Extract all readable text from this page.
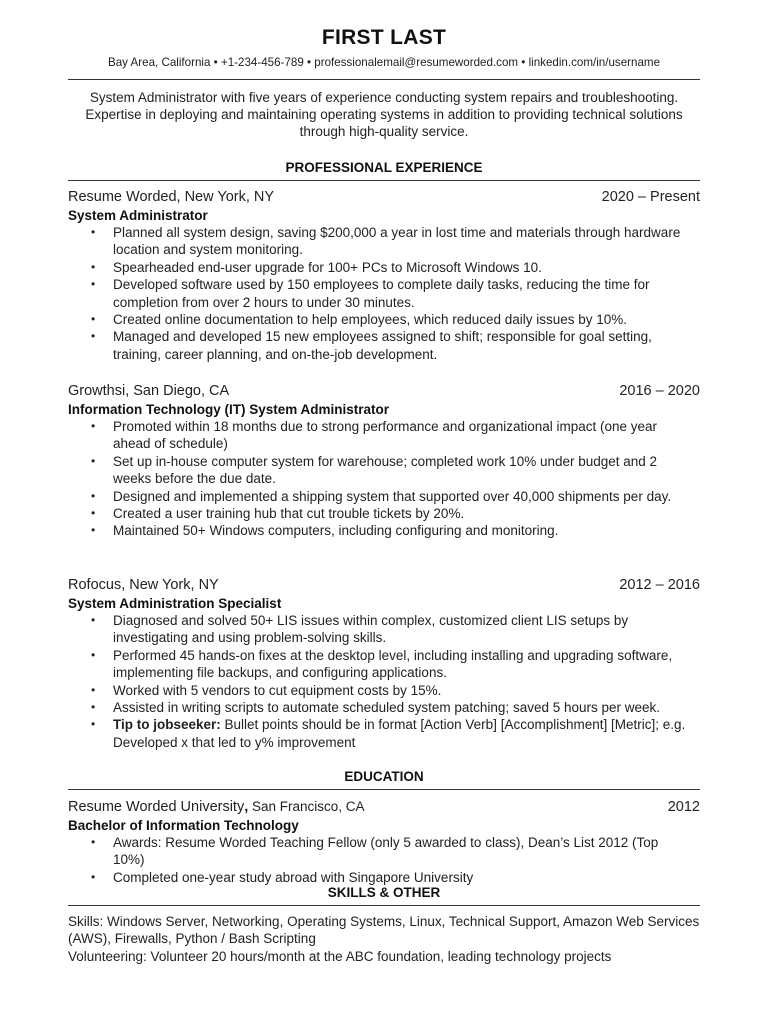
FIRST LAST
Bay Area, California • +1-234-456-789 • professionalemail@resumeworded.com • linkedin.com/in/username
System Administrator with five years of experience conducting system repairs and troubleshooting. Expertise in deploying and maintaining operating systems in addition to providing technical solutions through high-quality service.
PROFESSIONAL EXPERIENCE
Resume Worded, New York, NY	2020 – Present
System Administrator
• Planned all system design, saving $200,000 a year in lost time and materials through hardware location and system monitoring.
• Spearheaded end-user upgrade for 100+ PCs to Microsoft Windows 10.
• Developed software used by 150 employees to complete daily tasks, reducing the time for completion from over 2 hours to under 30 minutes.
• Created online documentation to help employees, which reduced daily issues by 10%.
• Managed and developed 15 new employees assigned to shift; responsible for goal setting, training, career planning, and on-the-job development.
Growthsi, San Diego, CA	2016 – 2020
Information Technology (IT) System Administrator
• Promoted within 18 months due to strong performance and organizational impact (one year ahead of schedule)
• Set up in-house computer system for warehouse; completed work 10% under budget and 2 weeks before the due date.
• Designed and implemented a shipping system that supported over 40,000 shipments per day.
• Created a user training hub that cut trouble tickets by 20%.
• Maintained 50+ Windows computers, including configuring and monitoring.
Rofocus, New York, NY	2012 – 2016
System Administration Specialist
• Diagnosed and solved 50+ LIS issues within complex, customized client LIS setups by investigating and using problem-solving skills.
• Performed 45 hands-on fixes at the desktop level, including installing and upgrading software, implementing file backups, and configuring applications.
• Worked with 5 vendors to cut equipment costs by 15%.
• Assisted in writing scripts to automate scheduled system patching; saved 5 hours per week.
• Tip to jobseeker: Bullet points should be in format [Action Verb] [Accomplishment] [Metric]; e.g. Developed x that led to y% improvement
EDUCATION
Resume Worded University, San Francisco, CA	2012
Bachelor of Information Technology
• Awards: Resume Worded Teaching Fellow (only 5 awarded to class), Dean’s List 2012 (Top 10%)
• Completed one-year study abroad with Singapore University
SKILLS & OTHER
Skills: Windows Server, Networking, Operating Systems, Linux, Technical Support, Amazon Web Services (AWS), Firewalls, Python / Bash Scripting
Volunteering: Volunteer 20 hours/month at the ABC foundation, leading technology projects
